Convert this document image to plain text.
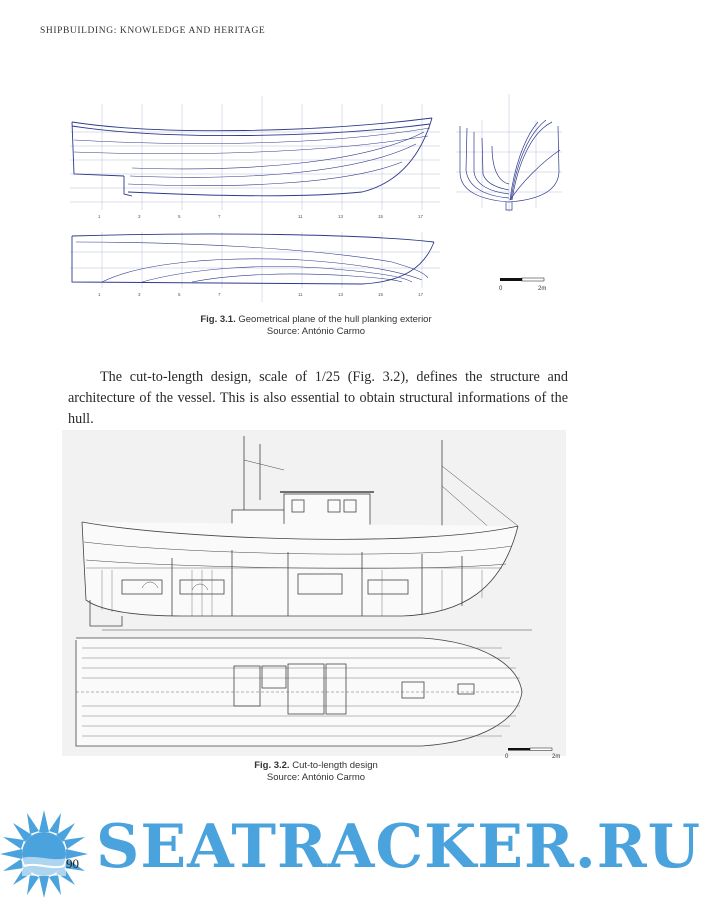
SHIPBUILDING: KNOWLEDGE AND HERITAGE
1	3	5	7	11	13	15	17
1	3	5	7	11	13	15	17
0	2m
Fig. 3.1. Geometrical plane of the hull planking exterior
Source: António Carmo

The cut-to-length design, scale of 1/25 (Fig. 3.2), defines the structure and architecture of the vessel. This is also essential to obtain structural informations of the hull.

Fig. 3.2. Cut-to-length design
Source: António Carmo
0	2m
SEATRACKER.RU
90
